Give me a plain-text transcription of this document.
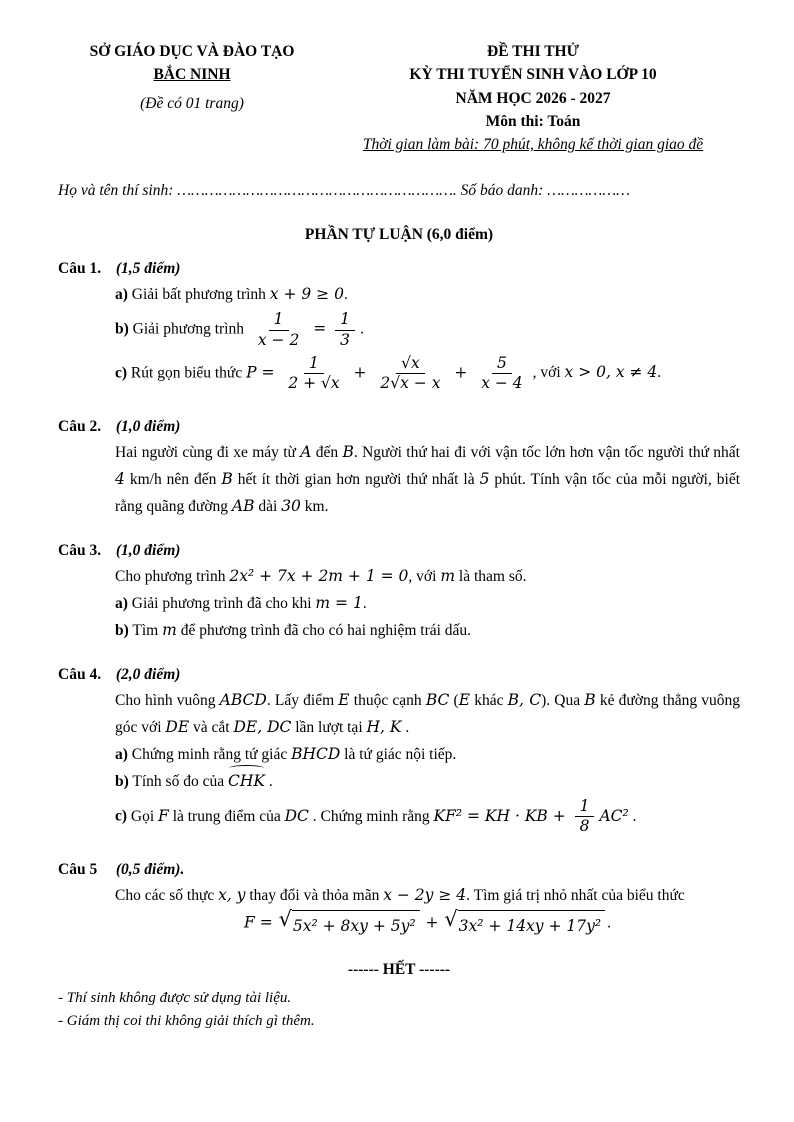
SỞ GIÁO DỤC VÀ ĐÀO TẠO
BẮC NINH
(Đề có 01 trang)
ĐỀ THI THỬ
KỲ THI TUYỂN SINH VÀO LỚP 10
NĂM HỌC 2026 - 2027
Môn thi: Toán
Thời gian làm bài: 70 phút, không kể thời gian giao đề

Họ và tên thí sinh: ……………………………………………………. Số báo danh: ………………

PHẦN TỰ LUẬN (6,0 điểm)

Câu 1. (1,5 điểm)

a) Giải bất phương trình x + 9 ≥ 0.

b) Giải phương trình $\frac{1}{x - 2} = \frac{1}{3}$ .

c) Rút gọn biểu thức $P = \frac{1}{2 + √x} + \frac{√x}{2√x - x} + \frac{5}{x - 4}$ , với x > 0, x ≠ 4.

Câu 2. (1,0 điểm)

Hai người cùng đi xe máy từ A đến B. Người thứ hai đi với vận tốc lớn hơn vận tốc người thứ nhất 4 km/h nên đến B hết ít thời gian hơn người thứ nhất là 5 phút. Tính vận tốc của mỗi người, biết rằng quãng đường AB dài 30 km.

Câu 3. (1,0 điểm)

Cho phương trình 2x² + 7x + 2m + 1 = 0, với m là tham số.

a) Giải phương trình đã cho khi m = 1.

b) Tìm m để phương trình đã cho có hai nghiệm trái dấu.

Câu 4. (2,0 điểm)

Cho hình vuông ABCD. Lấy điểm E thuộc cạnh BC (E khác B, C). Qua B kẻ đường thẳng vuông góc với DE và cắt DE, DC lần lượt tại H, K .

a) Chứng minh rằng tứ giác BHCD là tứ giác nội tiếp.

b) Tính số đo của CHK .

c) Gọi F là trung điểm của DC . Chứng minh rằng KF² = KH · KB + $\frac{1}{8} AC^2$ .

Câu 5 (0,5 điểm).

Cho các số thực x, y thay đổi và thỏa mãn x − 2y ≥ 4. Tìm giá trị nhỏ nhất của biểu thức

F = √ 5x² + 8xy + 5y² + √ 3x² + 14xy + 17y² .

------ HẾT ------

- Thí sinh không được sử dụng tài liệu.

- Giám thị coi thi không giải thích gì thêm.
